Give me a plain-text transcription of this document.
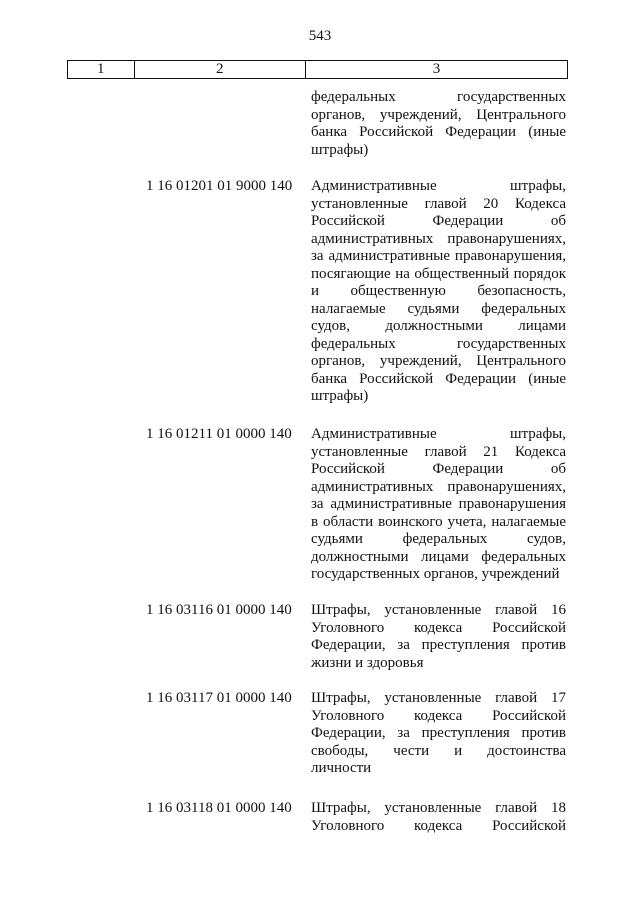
543
1	2	3
федеральных государственных
органов, учреждений, Центрального
банка Российской Федерации (иные
штрафы)
1 16 01201 01 9000 140 Административные штрафы,
установленные главой 20 Кодекса
Российской Федерации об
административных правонарушениях,
за административные правонарушения,
посягающие на общественный порядок
и общественную безопасность,
налагаемые судьями федеральных
судов, должностными лицами
федеральных государственных
органов, учреждений, Центрального
банка Российской Федерации (иные
штрафы)
1 16 01211 01 0000 140 Административные штрафы,
установленные главой 21 Кодекса
Российской Федерации об
административных правонарушениях,
за административные правонарушения
в области воинского учета, налагаемые
судьями федеральных судов,
должностными лицами федеральных
государственных органов, учреждений
1 16 03116 01 0000 140 Штрафы, установленные главой 16
Уголовного кодекса Российской
Федерации, за преступления против
жизни и здоровья
1 16 03117 01 0000 140 Штрафы, установленные главой 17
Уголовного кодекса Российской
Федерации, за преступления против
свободы, чести и достоинства
личности
1 16 03118 01 0000 140 Штрафы, установленные главой 18
Уголовного кодекса Российской
